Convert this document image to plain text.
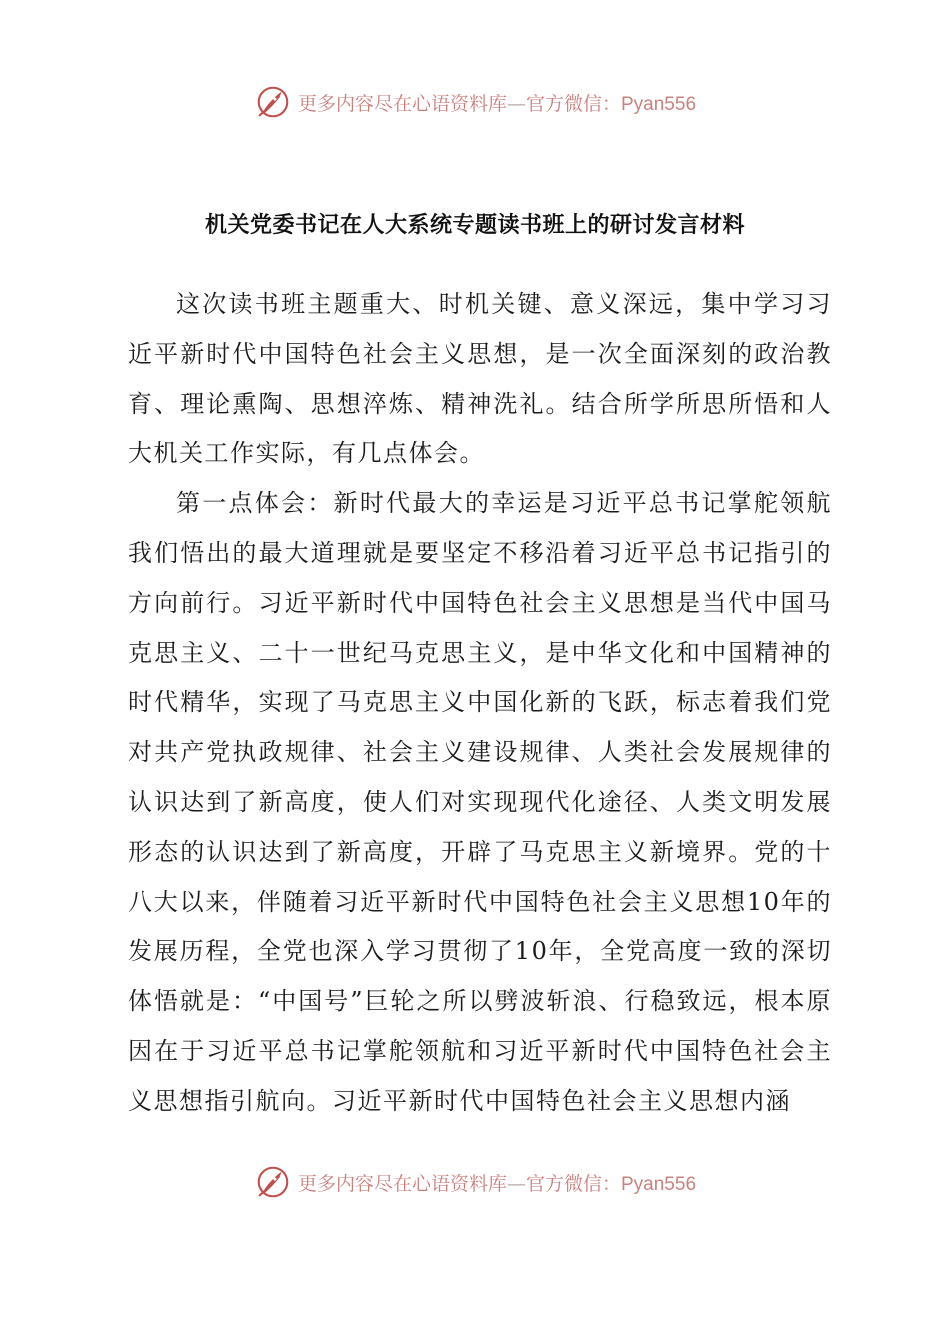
更多内容尽在心语资料库—官方微信：Pyan556
机关党委书记在人大系统专题读书班上的研讨发言材料

这次读书班主题重大、时机关键、意义深远，集中学习习近平新时代中国特色社会主义思想，是一次全面深刻的政治教育、理论熏陶、思想淬炼、精神洗礼。结合所学所思所悟和人大机关工作实际，有几点体会。

第一点体会：新时代最大的幸运是习近平总书记掌舵领航我们悟出的最大道理就是要坚定不移沿着习近平总书记指引的方向前行。习近平新时代中国特色社会主义思想是当代中国马克思主义、二十一世纪马克思主义，是中华文化和中国精神的时代精华，实现了马克思主义中国化新的飞跃，标志着我们党对共产党执政规律、社会主义建设规律、人类社会发展规律的认识达到了新高度，使人们对实现现代化途径、人类文明发展形态的认识达到了新高度，开辟了马克思主义新境界。党的十八大以来，伴随着习近平新时代中国特色社会主义思想10年的发展历程，全党也深入学习贯彻了10年，全党高度一致的深切体悟就是：“中国号”巨轮之所以劈波斩浪、行稳致远，根本原因在于习近平总书记掌舵领航和习近平新时代中国特色社会主义思想指引航向。习近平新时代中国特色社会主义思想内涵

更多内容尽在心语资料库—官方微信：Pyan556
